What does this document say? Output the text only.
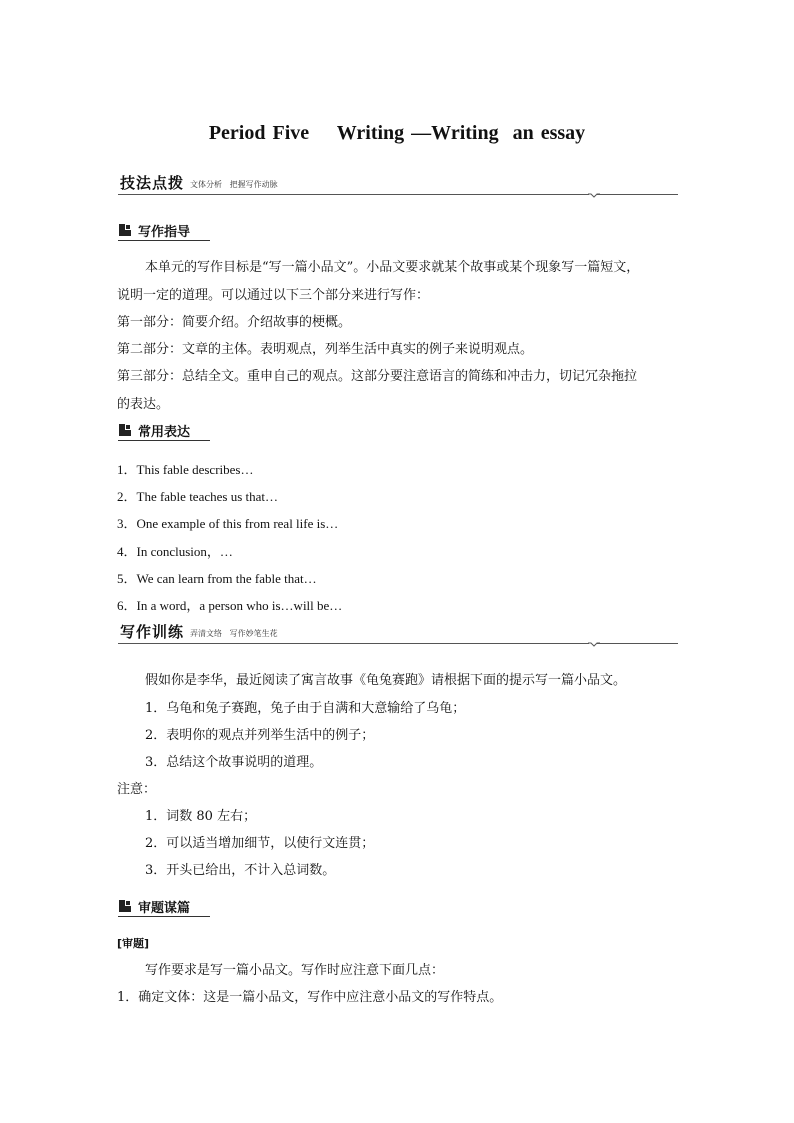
Period Five    Writing —Writing  an essay
技法点拨 文体分析   把握写作动脉
写作指导
本单元的写作目标是“写一篇小品文”。小品文要求就某个故事或某个现象写一篇短文，
说明一定的道理。可以通过以下三个部分来进行写作：
第一部分：简要介绍。介绍故事的梗概。
第二部分：文章的主体。表明观点，列举生活中真实的例子来说明观点。
第三部分：总结全文。重申自己的观点。这部分要注意语言的简练和冲击力，切记冗杂拖拉
的表达。
常用表达
1．This fable describes…
2．The fable teaches us that…
3．One example of this from real life is…
4．In conclusion，…
5．We can learn from the fable that…
6．In a word，a person who is…will be…
写作训练 弄清文络   写作妙笔生花
假如你是李华，最近阅读了寓言故事《龟兔赛跑》请根据下面的提示写一篇小品文。
1．乌龟和兔子赛跑，兔子由于自满和大意输给了乌龟；
2．表明你的观点并列举生活中的例子；
3．总结这个故事说明的道理。
注意：
1．词数 80 左右；
2．可以适当增加细节，以使行文连贯；
3．开头已给出，不计入总词数。
审题谋篇
[审题]
写作要求是写一篇小品文。写作时应注意下面几点：
1．确定文体：这是一篇小品文，写作中应注意小品文的写作特点。
